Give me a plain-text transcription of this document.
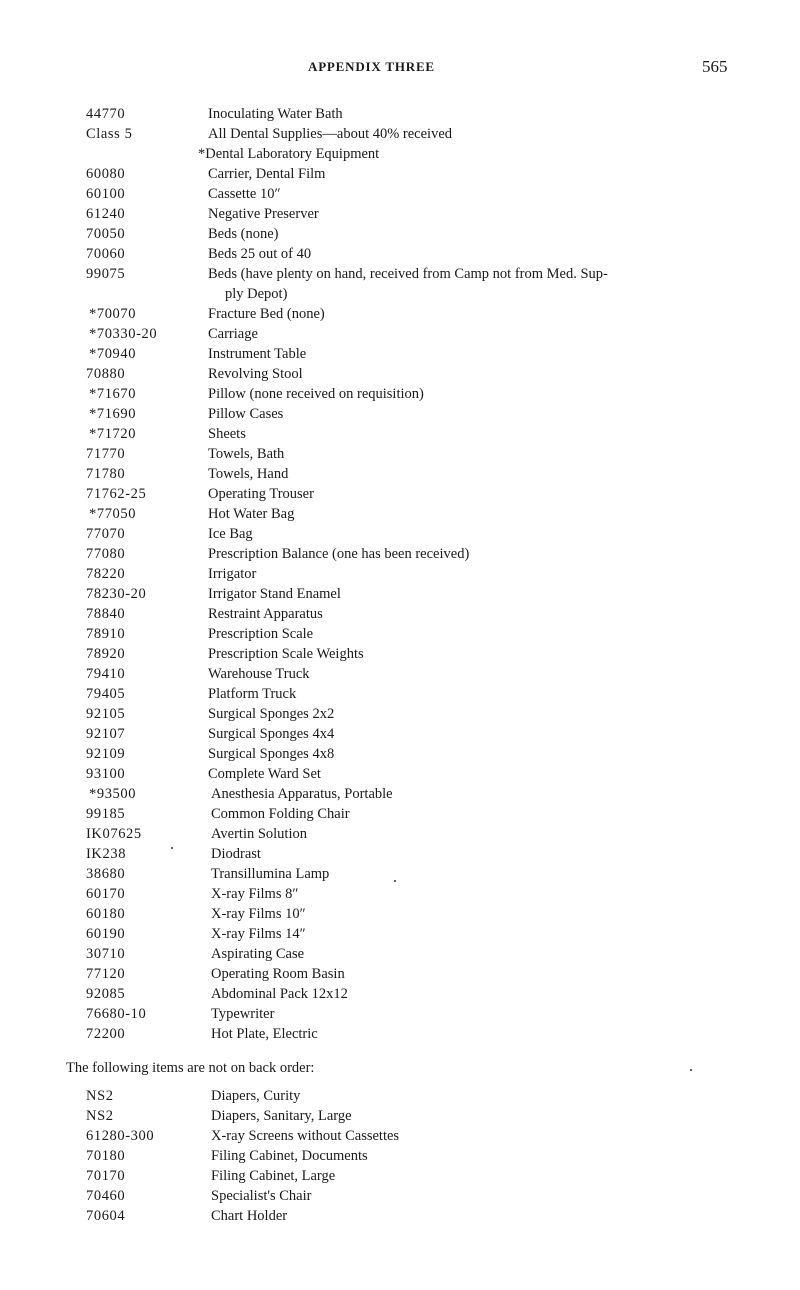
APPENDIX THREE	565
44770	Inoculating Water Bath
Class 5	All Dental Supplies—about 40% received
*Dental Laboratory Equipment
60080	Carrier, Dental Film
60100	Cassette 10″
61240	Negative Preserver
70050	Beds (none)
70060	Beds 25 out of 40
99075	Beds (have plenty on hand, received from Camp not from Med. Sup-
ply Depot)
*70070	Fracture Bed (none)
*70330-20	Carriage
*70940	Instrument Table
70880	Revolving Stool
*71670	Pillow (none received on requisition)
*71690	Pillow Cases
*71720	Sheets
71770	Towels, Bath
71780	Towels, Hand
71762-25	Operating Trouser
*77050	Hot Water Bag
77070	Ice Bag
77080	Prescription Balance (one has been received)
78220	Irrigator
78230-20	Irrigator Stand Enamel
78840	Restraint Apparatus
78910	Prescription Scale
78920	Prescription Scale Weights
79410	Warehouse Truck
79405	Platform Truck
92105	Surgical Sponges 2x2
92107	Surgical Sponges 4x4
92109	Surgical Sponges 4x8
93100	Complete Ward Set
*93500	Anesthesia Apparatus, Portable
99185	Common Folding Chair
IK07625	Avertin Solution
IK238	Diodrast
38680	Transillumina Lamp
60170	X-ray Films 8″
60180	X-ray Films 10″
60190	X-ray Films 14″
30710	Aspirating Case
77120	Operating Room Basin
92085	Abdominal Pack 12x12
76680-10	Typewriter
72200	Hot Plate, Electric
The following items are not on back order:
NS2	Diapers, Curity
NS2	Diapers, Sanitary, Large
61280-300	X-ray Screens without Cassettes
70180	Filing Cabinet, Documents
70170	Filing Cabinet, Large
70460	Specialist's Chair
70604	Chart Holder
